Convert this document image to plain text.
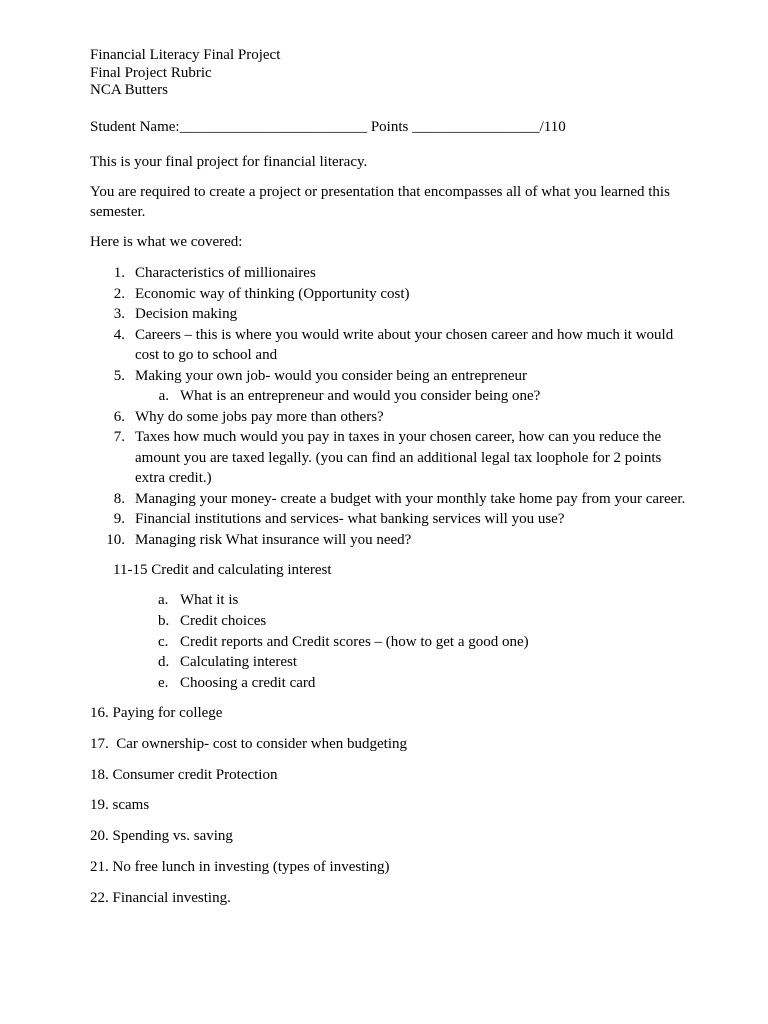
Financial Literacy Final Project

Final Project Rubric

NCA Butters

Student Name:_________________________ Points _________________/110

This is your final project for financial literacy.

You are required to create a project or presentation that encompasses all of what you learned this semester.

Here is what we covered:

1. Characteristics of millionaires
2. Economic way of thinking (Opportunity cost)
3. Decision making
4. Careers – this is where you would write about your chosen career and how much it would cost to go to school and
5. Making your own job- would you consider being an entrepreneur
a. What is an entrepreneur and would you consider being one?
6. Why do some jobs pay more than others?
7. Taxes how much would you pay in taxes in your chosen career, how can you reduce the amount you are taxed legally. (you can find an additional legal tax loophole for 2 points extra credit.)
8. Managing your money- create a budget with your monthly take home pay from your career.
9. Financial institutions and services- what banking services will you use?
10. Managing risk What insurance will you need?

11-15 Credit and calculating interest

a. What it is
b. Credit choices
c. Credit reports and Credit scores – (how to get a good one)
d. Calculating interest
e. Choosing a credit card

16. Paying for college

17.  Car ownership- cost to consider when budgeting

18. Consumer credit Protection

19. scams

20. Spending vs. saving

21. No free lunch in investing (types of investing)

22. Financial investing.
